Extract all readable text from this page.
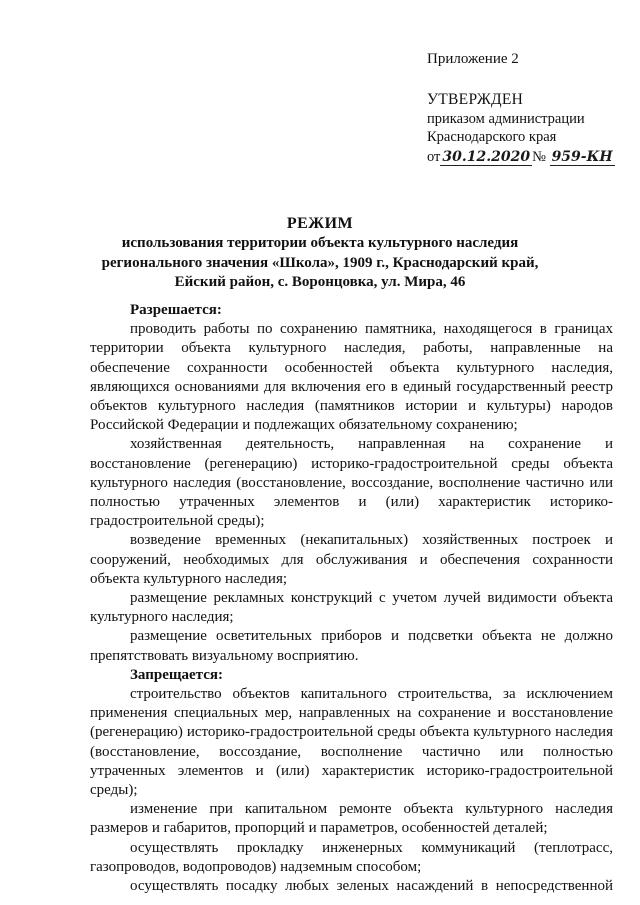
Приложение 2
УТВЕРЖДЕН
приказом администрации
Краснодарского края
от 30.12.2020 № 959-КН
РЕЖИМ
использования территории объекта культурного наследия
регионального значения «Школа», 1909 г., Краснодарский край,
Ейский район, с. Воронцовка, ул. Мира, 46

Разрешается:

проводить работы по сохранению памятника, находящегося в границах территории объекта культурного наследия, работы, направленные на обеспечение сохранности особенностей объекта культурного наследия, являющихся основаниями для включения его в единый государственный реестр объектов культурного наследия (памятников истории и культуры) народов Российской Федерации и подлежащих обязательному сохранению;

хозяйственная деятельность, направленная на сохранение и восстановление (регенерацию) историко-градостроительной среды объекта культурного наследия (восстановление, воссоздание, восполнение частично или полностью утраченных элементов и (или) характеристик историко-градостроительной среды);

возведение временных (некапитальных) хозяйственных построек и сооружений, необходимых для обслуживания и обеспечения сохранности объекта культурного наследия;

размещение рекламных конструкций с учетом лучей видимости объекта культурного наследия;

размещение осветительных приборов и подсветки объекта не должно препятствовать визуальному восприятию.

Запрещается:

строительство объектов капитального строительства, за исключением применения специальных мер, направленных на сохранение и восстановление (регенерацию) историко-градостроительной среды объекта культурного наследия (восстановление, воссоздание, восполнение частично или полностью утраченных элементов и (или) характеристик историко-градостроительной среды);

изменение при капитальном ремонте объекта культурного наследия размеров и габаритов, пропорций и параметров, особенностей деталей;

осуществлять прокладку инженерных коммуникаций (теплотрасс, газопроводов, водопроводов) надземным способом;

осуществлять посадку любых зеленых насаждений в непосредственной
